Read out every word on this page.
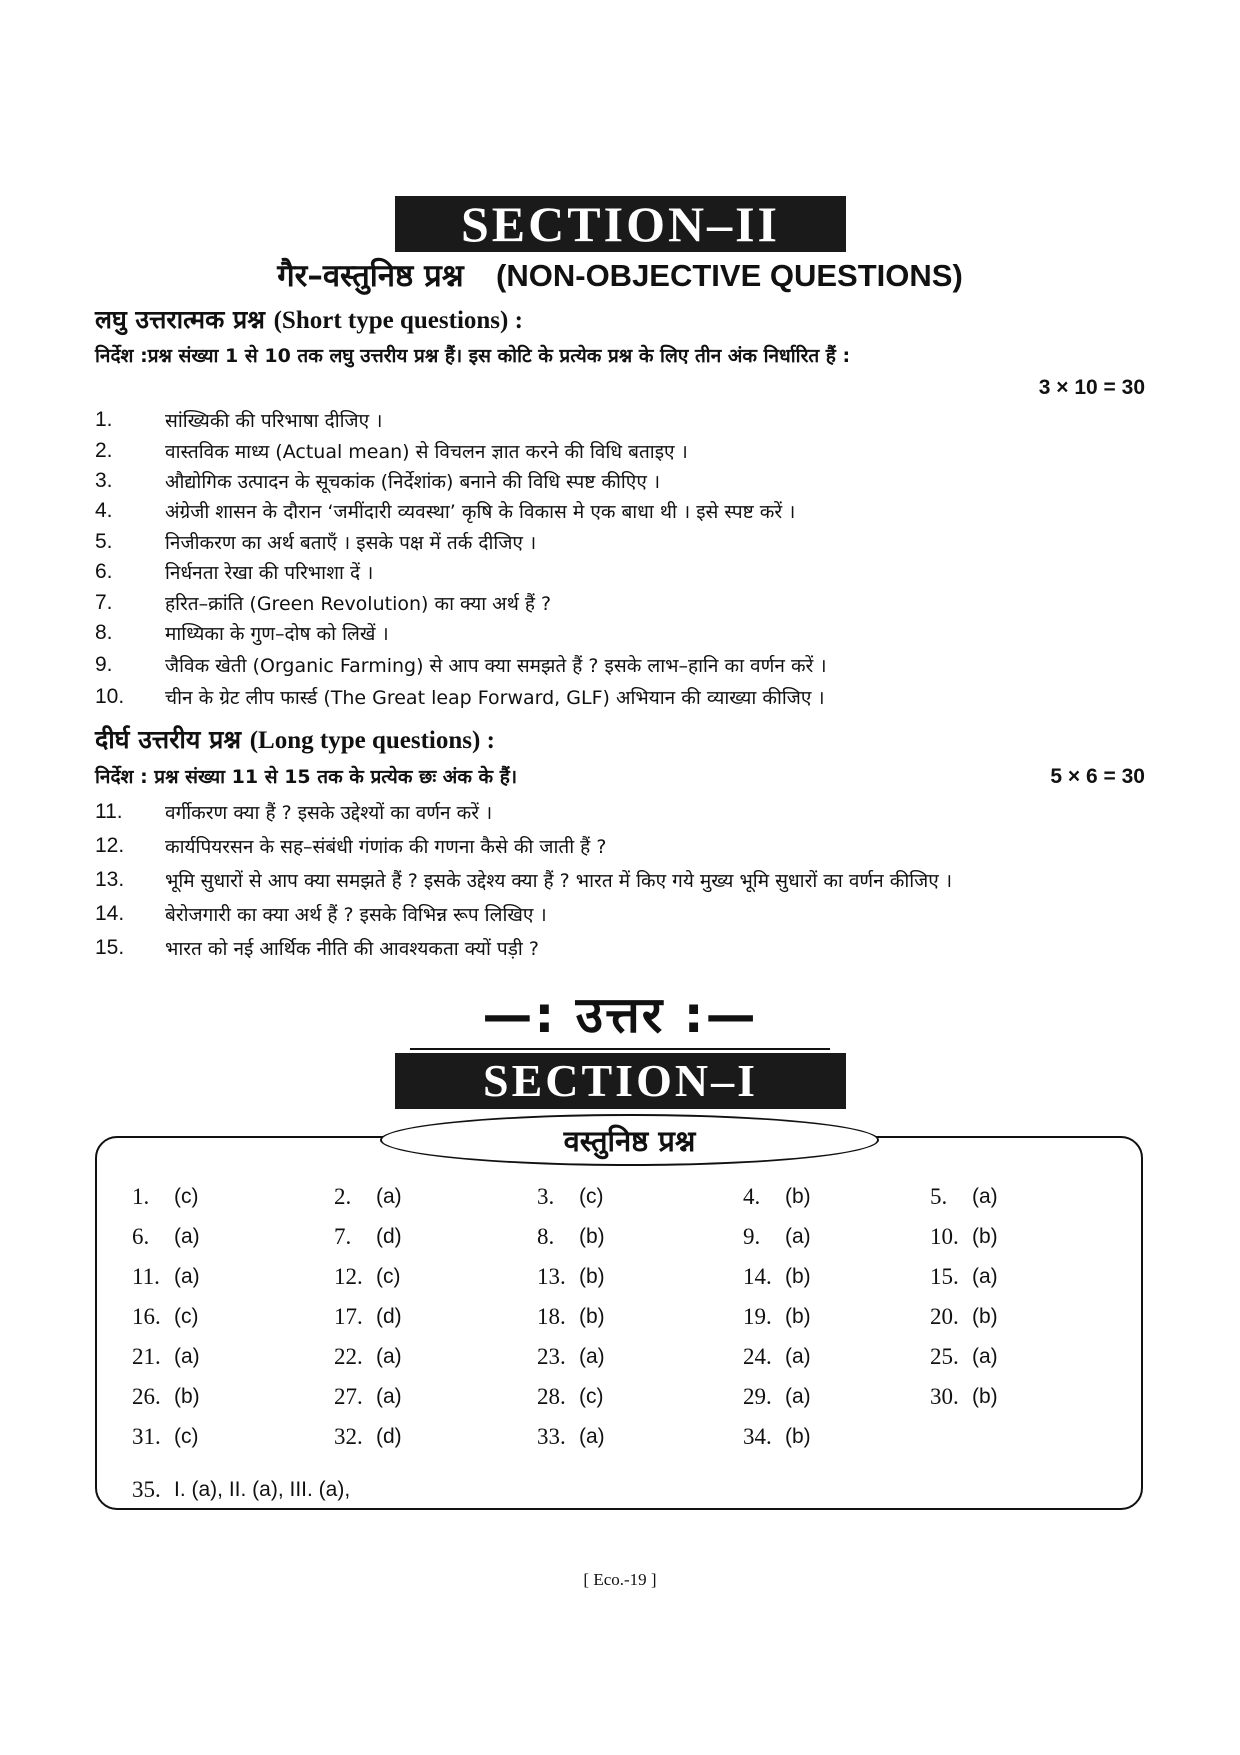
SECTION–II
गैर–वस्तुनिष्ठ प्रश्न (NON-OBJECTIVE QUESTIONS)
लघु उत्तरात्मक प्रश्न (Short type questions) :
निर्देश :प्रश्न संख्या 1 से 10 तक लघु उत्तरीय प्रश्न हैं। इस कोटि के प्रत्येक प्रश्न के लिए तीन अंक निर्धारित हैं :
3 × 10 = 30
1.	सांख्यिकी की परिभाषा दीजिए ।
2.	वास्तविक माध्य (Actual mean) से विचलन ज्ञात करने की विधि बताइए ।
3.	औद्योगिक उत्पादन के सूचकांक (निर्देशांक) बनाने की विधि स्पष्ट कीएिए ।
4.	अंग्रेजी शासन के दौरान ‘जमींदारी व्यवस्था’ कृषि के विकास मे एक बाधा थी । इसे स्पष्ट करें ।
5.	निजीकरण का अर्थ बताएँ । इसके पक्ष में तर्क दीजिए ।
6.	निर्धनता रेखा की परिभाशा दें ।
7.	हरित–क्रांति (Green Revolution) का क्या अर्थ हैं ?
8.	माध्यिका के गुण–दोष को लिखें ।
9.	जैविक खेती (Organic Farming) से आप क्या समझते हैं ? इसके लाभ–हानि का वर्णन करें ।
10.	चीन के ग्रेट लीप फार्स्ड (The Great leap Forward, GLF) अभियान की व्याख्या कीजिए ।
दीर्घ उत्तरीय प्रश्न (Long type questions) :
निर्देश : प्रश्न संख्या 11 से 15 तक के प्रत्येक छः अंक के हैं।	5 × 6 = 30
11.	वर्गीकरण क्या हैं ? इसके उद्देश्यों का वर्णन करें ।
12.	कार्यपियरसन के सह–संबंधी गंणांक की गणना कैसे की जाती हैं ?
13.	भूमि सुधारों से आप क्या समझते हैं ? इसके उद्देश्य क्या हैं ? भारत में किए गये मुख्य भूमि सुधारों का वर्णन कीजिए ।
14.	बेरोजगारी का क्या अर्थ हैं ? इसके विभिन्न रूप लिखिए ।
15.	भारत को नई आर्थिक नीति की आवश्यकता क्यों पड़ी ?
—: उत्तर :—
SECTION–I
वस्तुनिष्ठ प्रश्न
1.	(c)	2.	(a)	3.	(c)	4.	(b)	5.	(a)
6.	(a)	7.	(d)	8.	(b)	9.	(a)	10. (b)
11. (a)	12. (c)	13. (b)	14. (b)	15. (a)
16. (c)	17. (d)	18. (b)	19. (b)	20. (b)
21. (a)	22. (a)	23. (a)	24. (a)	25. (a)
26. (b)	27. (a)	28. (c)	29. (a)	30. (b)
31. (c)	32. (d)	33. (a)	34. (b)
35. I. (a), II. (a), III. (a),
[ Eco.-19 ]
